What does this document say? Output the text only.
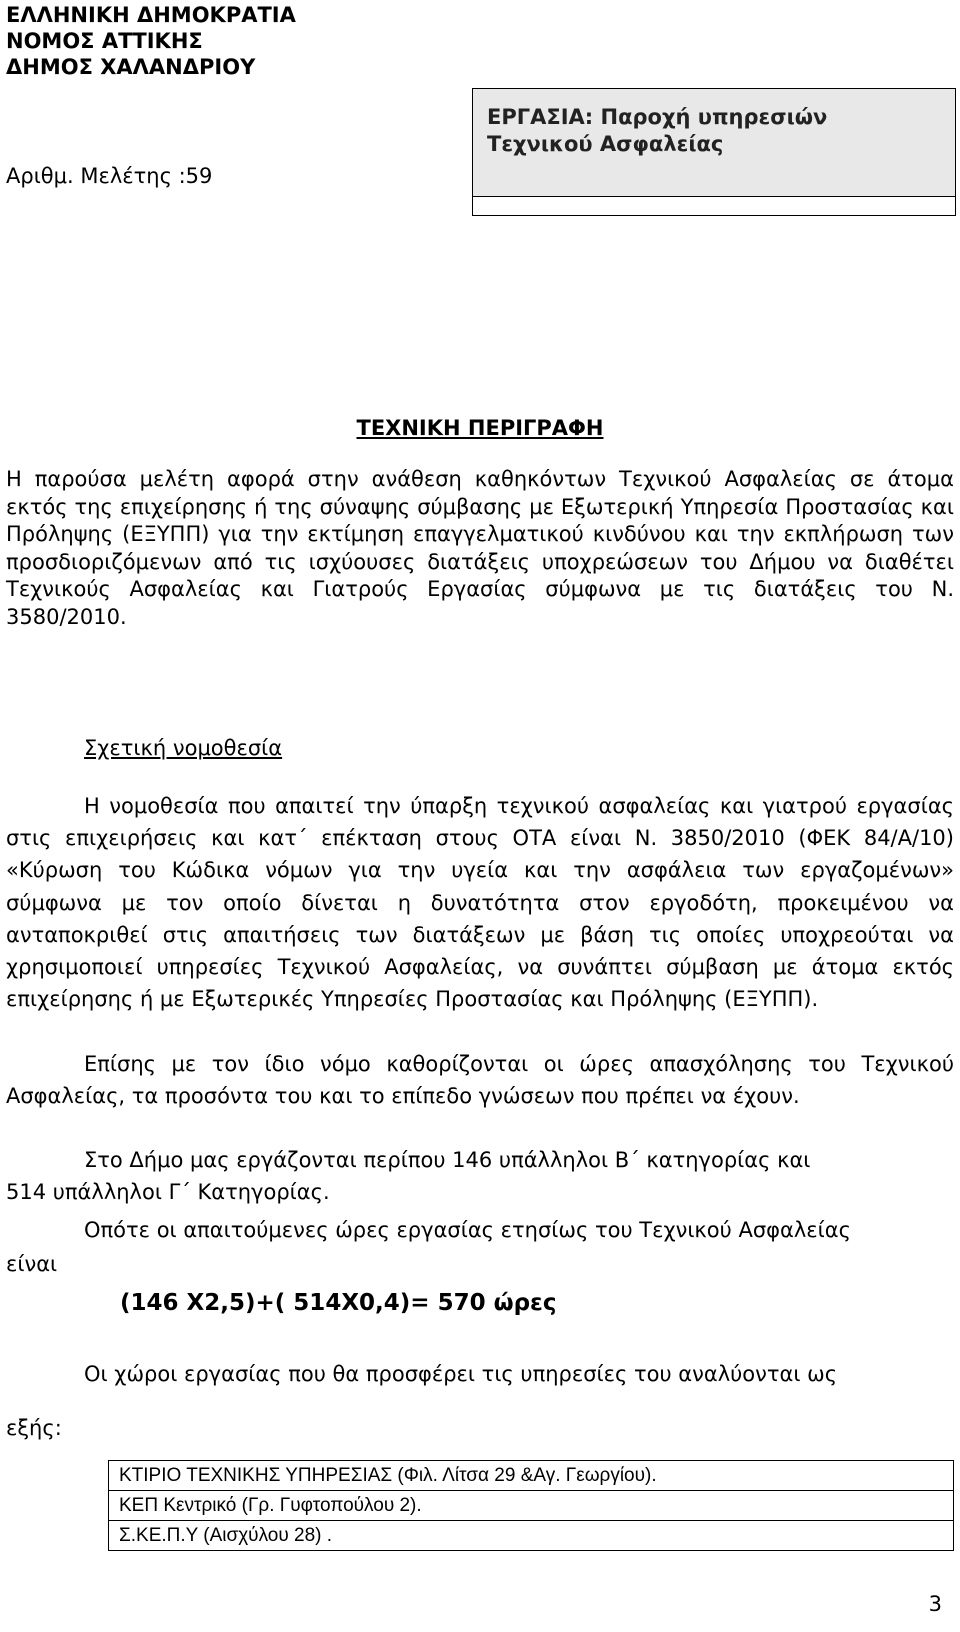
ΕΛΛΗΝΙΚΗ ΔΗΜΟΚΡΑΤΙΑ
ΝΟΜΟΣ ΑΤΤΙΚΗΣ
ΔΗΜΟΣ ΧΑΛΑΝΔΡΙΟΥ
Αριθμ. Μελέτης :59
ΕΡΓΑΣΙΑ: Παροχή υπηρεσιών
Τεχνικού Ασφαλείας
ΤΕΧΝΙΚΗ ΠΕΡΙΓΡΑΦΗ
Η παρούσα μελέτη αφορά στην ανάθεση καθηκόντων Τεχνικού Ασφαλείας σε άτομα εκτός της επιχείρησης ή της σύναψης σύμβασης με Εξωτερική Υπηρεσία Προστασίας και Πρόληψης (ΕΞΥΠΠ) για την εκτίμηση επαγγελματικού κινδύνου και την εκπλήρωση των προσδιοριζόμενων από τις ισχύουσες διατάξεις υποχρεώσεων του Δήμου να διαθέτει Τεχνικούς Ασφαλείας και Γιατρούς Εργασίας σύμφωνα με τις διατάξεις του Ν. 3580/2010.
Σχετική νομοθεσία
Η νομοθεσία που απαιτεί την ύπαρξη τεχνικού ασφαλείας και γιατρού εργασίας στις επιχειρήσεις και κατ΄ επέκταση στους ΟΤΑ είναι Ν. 3850/2010 (ΦΕΚ 84/Α/10) «Κύρωση του Κώδικα νόμων για την υγεία και την ασφάλεια των εργαζομένων» σύμφωνα με τον οποίο δίνεται η δυνατότητα στον εργοδότη, προκειμένου να ανταποκριθεί στις απαιτήσεις των διατάξεων με βάση τις οποίες υποχρεούται να χρησιμοποιεί υπηρεσίες Τεχνικού Ασφαλείας, να συνάπτει σύμβαση με άτομα εκτός επιχείρησης ή με Εξωτερικές Υπηρεσίες Προστασίας και Πρόληψης (ΕΞΥΠΠ).
Επίσης με τον ίδιο νόμο καθορίζονται οι ώρες απασχόλησης του Τεχνικού Ασφαλείας, τα προσόντα του και το επίπεδο γνώσεων που πρέπει να έχουν.
Στο Δήμο μας εργάζονται περίπου 146 υπάλληλοι Β΄ κατηγορίας και
514 υπάλληλοι Γ΄ Κατηγορίας.
Οπότε οι απαιτούμενες ώρες εργασίας ετησίως του Τεχνικού Ασφαλείας
είναι
(146 Χ2,5)+( 514Χ0,4)= 570 ώρες
Οι χώροι εργασίας που θα προσφέρει τις υπηρεσίες του αναλύονται ως
εξής:
ΚΤΙΡΙΟ ΤΕΧΝΙΚΗΣ ΥΠΗΡΕΣΙΑΣ (Φιλ. Λίτσα 29 &Αγ. Γεωργίου).
ΚΕΠ Κεντρικό (Γρ. Γυφτοπούλου 2).
Σ.ΚΕ.Π.Υ (Αισχύλου 28) .
3
